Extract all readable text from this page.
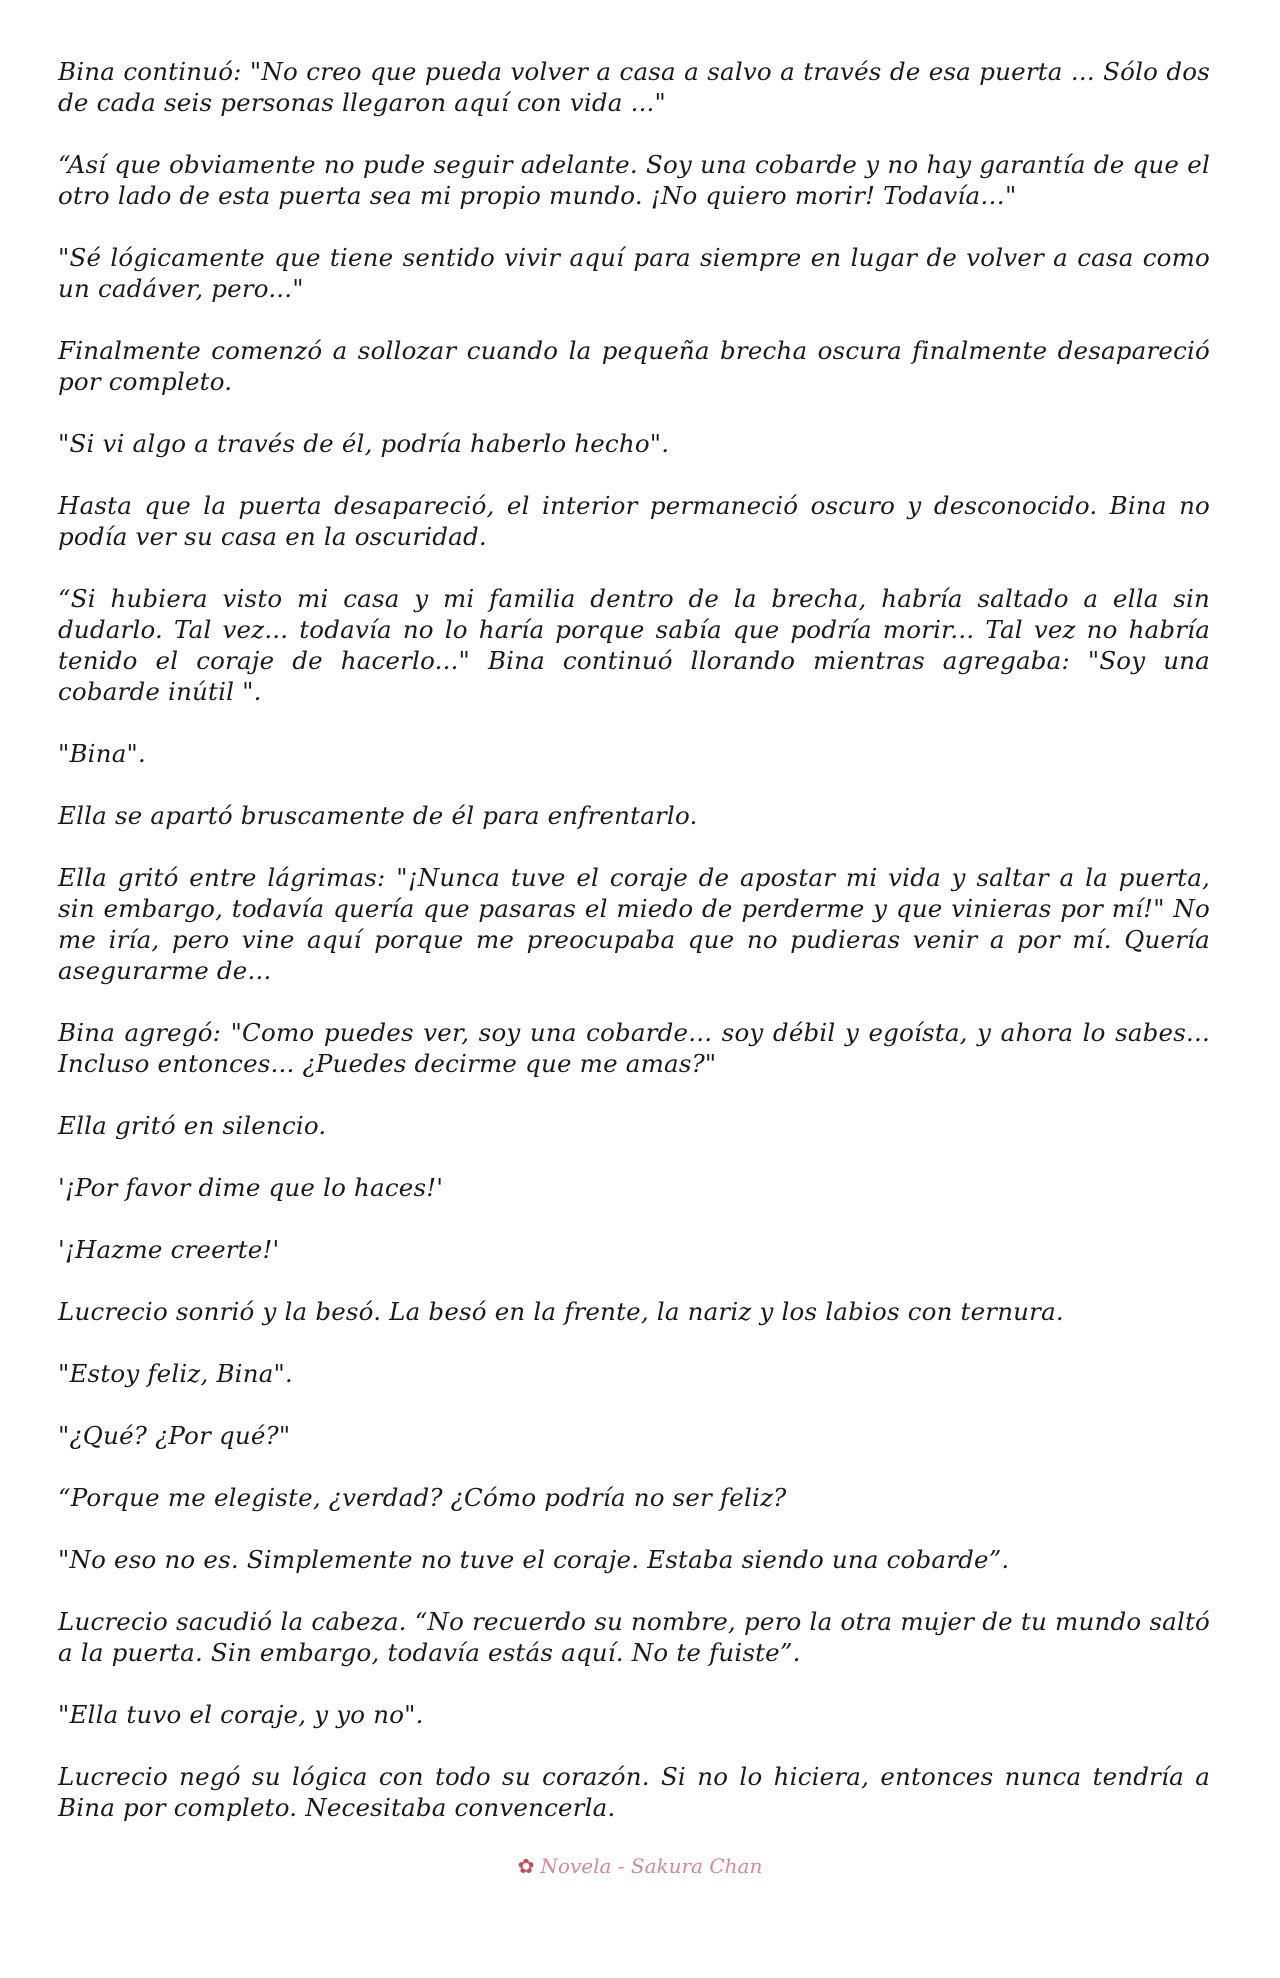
Bina continuó: "No creo que pueda volver a casa a salvo a través de esa puerta ... Sólo dos de cada seis personas llegaron aquí con vida ..."

“Así que obviamente no pude seguir adelante. Soy una cobarde y no hay garantía de que el otro lado de esta puerta sea mi propio mundo. ¡No quiero morir! Todavía…"

"Sé lógicamente que tiene sentido vivir aquí para siempre en lugar de volver a casa como un cadáver, pero..."

Finalmente comenzó a sollozar cuando la pequeña brecha oscura finalmente desapareció por completo.

"Si vi algo a través de él, podría haberlo hecho".

Hasta que la puerta desapareció, el interior permaneció oscuro y desconocido. Bina no podía ver su casa en la oscuridad.

“Si hubiera visto mi casa y mi familia dentro de la brecha, habría saltado a ella sin dudarlo. Tal vez... todavía no lo haría porque sabía que podría morir... Tal vez no habría tenido el coraje de hacerlo..." Bina continuó llorando mientras agregaba: "Soy una cobarde inútil ".

"Bina".

Ella se apartó bruscamente de él para enfrentarlo.

Ella gritó entre lágrimas: "¡Nunca tuve el coraje de apostar mi vida y saltar a la puerta, sin embargo, todavía quería que pasaras el miedo de perderme y que vinieras por mí!" No me iría, pero vine aquí porque me preocupaba que no pudieras venir a por mí. Quería asegurarme de...

Bina agregó: "Como puedes ver, soy una cobarde... soy débil y egoísta, y ahora lo sabes... Incluso entonces... ¿Puedes decirme que me amas?"

Ella gritó en silencio.

'¡Por favor dime que lo haces!'

'¡Hazme creerte!'

Lucrecio sonrió y la besó. La besó en la frente, la nariz y los labios con ternura.

"Estoy feliz, Bina".

"¿Qué? ¿Por qué?"

“Porque me elegiste, ¿verdad? ¿Cómo podría no ser feliz?

"No eso no es. Simplemente no tuve el coraje. Estaba siendo una cobarde”.

Lucrecio sacudió la cabeza. “No recuerdo su nombre, pero la otra mujer de tu mundo saltó a la puerta. Sin embargo, todavía estás aquí. No te fuiste”.

"Ella tuvo el coraje, y yo no".

Lucrecio negó su lógica con todo su corazón. Si no lo hiciera, entonces nunca tendría a Bina por completo. Necesitaba convencerla.

✿ Novela - Sakura Chan
